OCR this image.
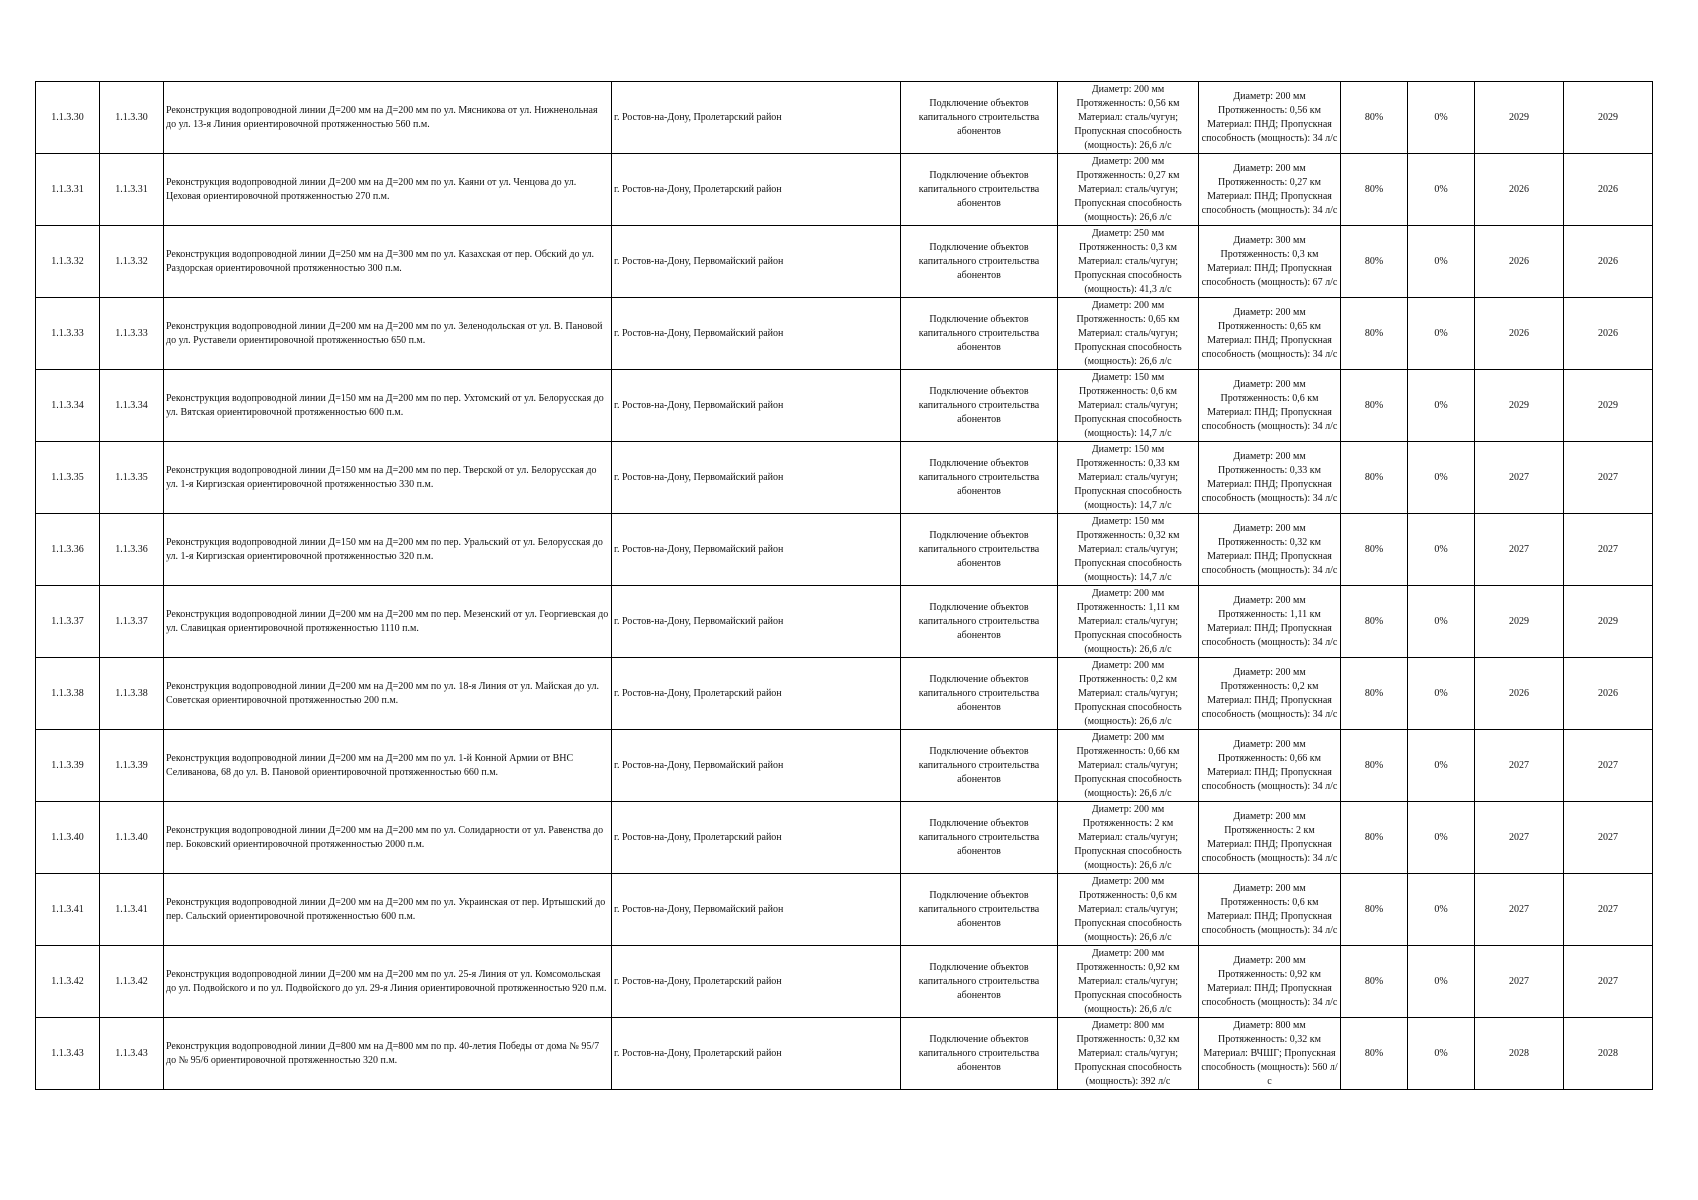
1.1.3.30	1.1.3.30	Реконструкция водопроводной линии Д=200 мм на Д=200 мм по ул. Мясникова от ул. Нижненольная до ул. 13-я Линия ориентировочной протяженностью 560 п.м.	г. Ростов-на-Дону, Пролетарский район	Подключение объектов капитального строительства абонентов	Диаметр: 200 мм Протяженность: 0,56 км Материал: сталь/чугун; Пропускная способность (мощность): 26,6 л/с	Диаметр: 200 мм Протяженность: 0,56 км Материал: ПНД; Пропускная способность (мощность): 34 л/с	80%	0%	2029	2029
1.1.3.31	1.1.3.31	Реконструкция водопроводной линии Д=200 мм на Д=200 мм по ул. Каяни от ул. Ченцова до ул. Цеховая ориентировочной протяженностью 270 п.м.	г. Ростов-на-Дону, Пролетарский район	Подключение объектов капитального строительства абонентов	Диаметр: 200 мм Протяженность: 0,27 км Материал: сталь/чугун; Пропускная способность (мощность): 26,6 л/с	Диаметр: 200 мм Протяженность: 0,27 км Материал: ПНД; Пропускная способность (мощность): 34 л/с	80%	0%	2026	2026
1.1.3.32	1.1.3.32	Реконструкция водопроводной линии Д=250 мм на Д=300 мм по ул. Казахская от пер. Обский до ул. Раздорская ориентировочной протяженностью 300 п.м.	г. Ростов-на-Дону, Первомайский район	Подключение объектов капитального строительства абонентов	Диаметр: 250 мм Протяженность: 0,3 км Материал: сталь/чугун; Пропускная способность (мощность): 41,3 л/с	Диаметр: 300 мм Протяженность: 0,3 км Материал: ПНД; Пропускная способность (мощность): 67 л/с	80%	0%	2026	2026
1.1.3.33	1.1.3.33	Реконструкция водопроводной линии Д=200 мм на Д=200 мм по ул. Зеленодольская от ул. В. Пановой до ул. Руставели ориентировочной протяженностью 650 п.м.	г. Ростов-на-Дону, Первомайский район	Подключение объектов капитального строительства абонентов	Диаметр: 200 мм Протяженность: 0,65 км Материал: сталь/чугун; Пропускная способность (мощность): 26,6 л/с	Диаметр: 200 мм Протяженность: 0,65 км Материал: ПНД; Пропускная способность (мощность): 34 л/с	80%	0%	2026	2026
1.1.3.34	1.1.3.34	Реконструкция водопроводной линии Д=150 мм на Д=200 мм по пер. Ухтомский от ул. Белорусская до ул. Вятская ориентировочной протяженностью 600 п.м.	г. Ростов-на-Дону, Первомайский район	Подключение объектов капитального строительства абонентов	Диаметр: 150 мм Протяженность: 0,6 км Материал: сталь/чугун; Пропускная способность (мощность): 14,7 л/с	Диаметр: 200 мм Протяженность: 0,6 км Материал: ПНД; Пропускная способность (мощность): 34 л/с	80%	0%	2029	2029
1.1.3.35	1.1.3.35	Реконструкция водопроводной линии Д=150 мм на Д=200 мм по пер. Тверской от ул. Белорусская до ул. 1-я Киргизская ориентировочной протяженностью 330 п.м.	г. Ростов-на-Дону, Первомайский район	Подключение объектов капитального строительства абонентов	Диаметр: 150 мм Протяженность: 0,33 км Материал: сталь/чугун; Пропускная способность (мощность): 14,7 л/с	Диаметр: 200 мм Протяженность: 0,33 км Материал: ПНД; Пропускная способность (мощность): 34 л/с	80%	0%	2027	2027
1.1.3.36	1.1.3.36	Реконструкция водопроводной линии Д=150 мм на Д=200 мм по пер. Уральский от ул. Белорусская до ул. 1-я Киргизская ориентировочной протяженностью 320 п.м.	г. Ростов-на-Дону, Первомайский район	Подключение объектов капитального строительства абонентов	Диаметр: 150 мм Протяженность: 0,32 км Материал: сталь/чугун; Пропускная способность (мощность): 14,7 л/с	Диаметр: 200 мм Протяженность: 0,32 км Материал: ПНД; Пропускная способность (мощность): 34 л/с	80%	0%	2027	2027
1.1.3.37	1.1.3.37	Реконструкция водопроводной линии Д=200 мм на Д=200 мм по пер. Мезенский от ул. Георгиевская до ул. Славицкая ориентировочной протяженностью 1110 п.м.	г. Ростов-на-Дону, Первомайский район	Подключение объектов капитального строительства абонентов	Диаметр: 200 мм Протяженность: 1,11 км Материал: сталь/чугун; Пропускная способность (мощность): 26,6 л/с	Диаметр: 200 мм Протяженность: 1,11 км Материал: ПНД; Пропускная способность (мощность): 34 л/с	80%	0%	2029	2029
1.1.3.38	1.1.3.38	Реконструкция водопроводной линии Д=200 мм на Д=200 мм по ул. 18-я Линия от ул. Майская до ул. Советская ориентировочной протяженностью 200 п.м.	г. Ростов-на-Дону, Пролетарский район	Подключение объектов капитального строительства абонентов	Диаметр: 200 мм Протяженность: 0,2 км Материал: сталь/чугун; Пропускная способность (мощность): 26,6 л/с	Диаметр: 200 мм Протяженность: 0,2 км Материал: ПНД; Пропускная способность (мощность): 34 л/с	80%	0%	2026	2026
1.1.3.39	1.1.3.39	Реконструкция водопроводной линии Д=200 мм на Д=200 мм по ул. 1-й Конной Армии от ВНС Селиванова, 68 до ул. В. Пановой ориентировочной протяженностью 660 п.м.	г. Ростов-на-Дону, Первомайский район	Подключение объектов капитального строительства абонентов	Диаметр: 200 мм Протяженность: 0,66 км Материал: сталь/чугун; Пропускная способность (мощность): 26,6 л/с	Диаметр: 200 мм Протяженность: 0,66 км Материал: ПНД; Пропускная способность (мощность): 34 л/с	80%	0%	2027	2027
1.1.3.40	1.1.3.40	Реконструкция водопроводной линии Д=200 мм на Д=200 мм по ул. Солидарности от ул. Равенства до пер. Боковский ориентировочной протяженностью 2000 п.м.	г. Ростов-на-Дону, Пролетарский район	Подключение объектов капитального строительства абонентов	Диаметр: 200 мм Протяженность: 2 км Материал: сталь/чугун; Пропускная способность (мощность): 26,6 л/с	Диаметр: 200 мм Протяженность: 2 км Материал: ПНД; Пропускная способность (мощность): 34 л/с	80%	0%	2027	2027
1.1.3.41	1.1.3.41	Реконструкция водопроводной линии Д=200 мм на Д=200 мм по ул. Украинская от пер. Иртышский до пер. Сальский ориентировочной протяженностью 600 п.м.	г. Ростов-на-Дону, Первомайский район	Подключение объектов капитального строительства абонентов	Диаметр: 200 мм Протяженность: 0,6 км Материал: сталь/чугун; Пропускная способность (мощность): 26,6 л/с	Диаметр: 200 мм Протяженность: 0,6 км Материал: ПНД; Пропускная способность (мощность): 34 л/с	80%	0%	2027	2027
1.1.3.42	1.1.3.42	Реконструкция водопроводной линии Д=200 мм на Д=200 мм по ул. 25-я Линия от ул. Комсомольская до ул. Подвойского и по ул. Подвойского до ул. 29-я Линия ориентировочной протяженностью 920 п.м.	г. Ростов-на-Дону, Пролетарский район	Подключение объектов капитального строительства абонентов	Диаметр: 200 мм Протяженность: 0,92 км Материал: сталь/чугун; Пропускная способность (мощность): 26,6 л/с	Диаметр: 200 мм Протяженность: 0,92 км Материал: ПНД; Пропускная способность (мощность): 34 л/с	80%	0%	2027	2027
1.1.3.43	1.1.3.43	Реконструкция водопроводной линии Д=800 мм на Д=800 мм по пр. 40-летия Победы от дома № 95/7 до № 95/6 ориентировочной протяженностью 320 п.м.	г. Ростов-на-Дону, Пролетарский район	Подключение объектов капитального строительства абонентов	Диаметр: 800 мм Протяженность: 0,32 км Материал: сталь/чугун; Пропускная способность (мощность): 392 л/с	Диаметр: 800 мм Протяженность: 0,32 км Материал: ВЧШГ; Пропускная способность (мощность): 560 л/с	80%	0%	2028	2028
